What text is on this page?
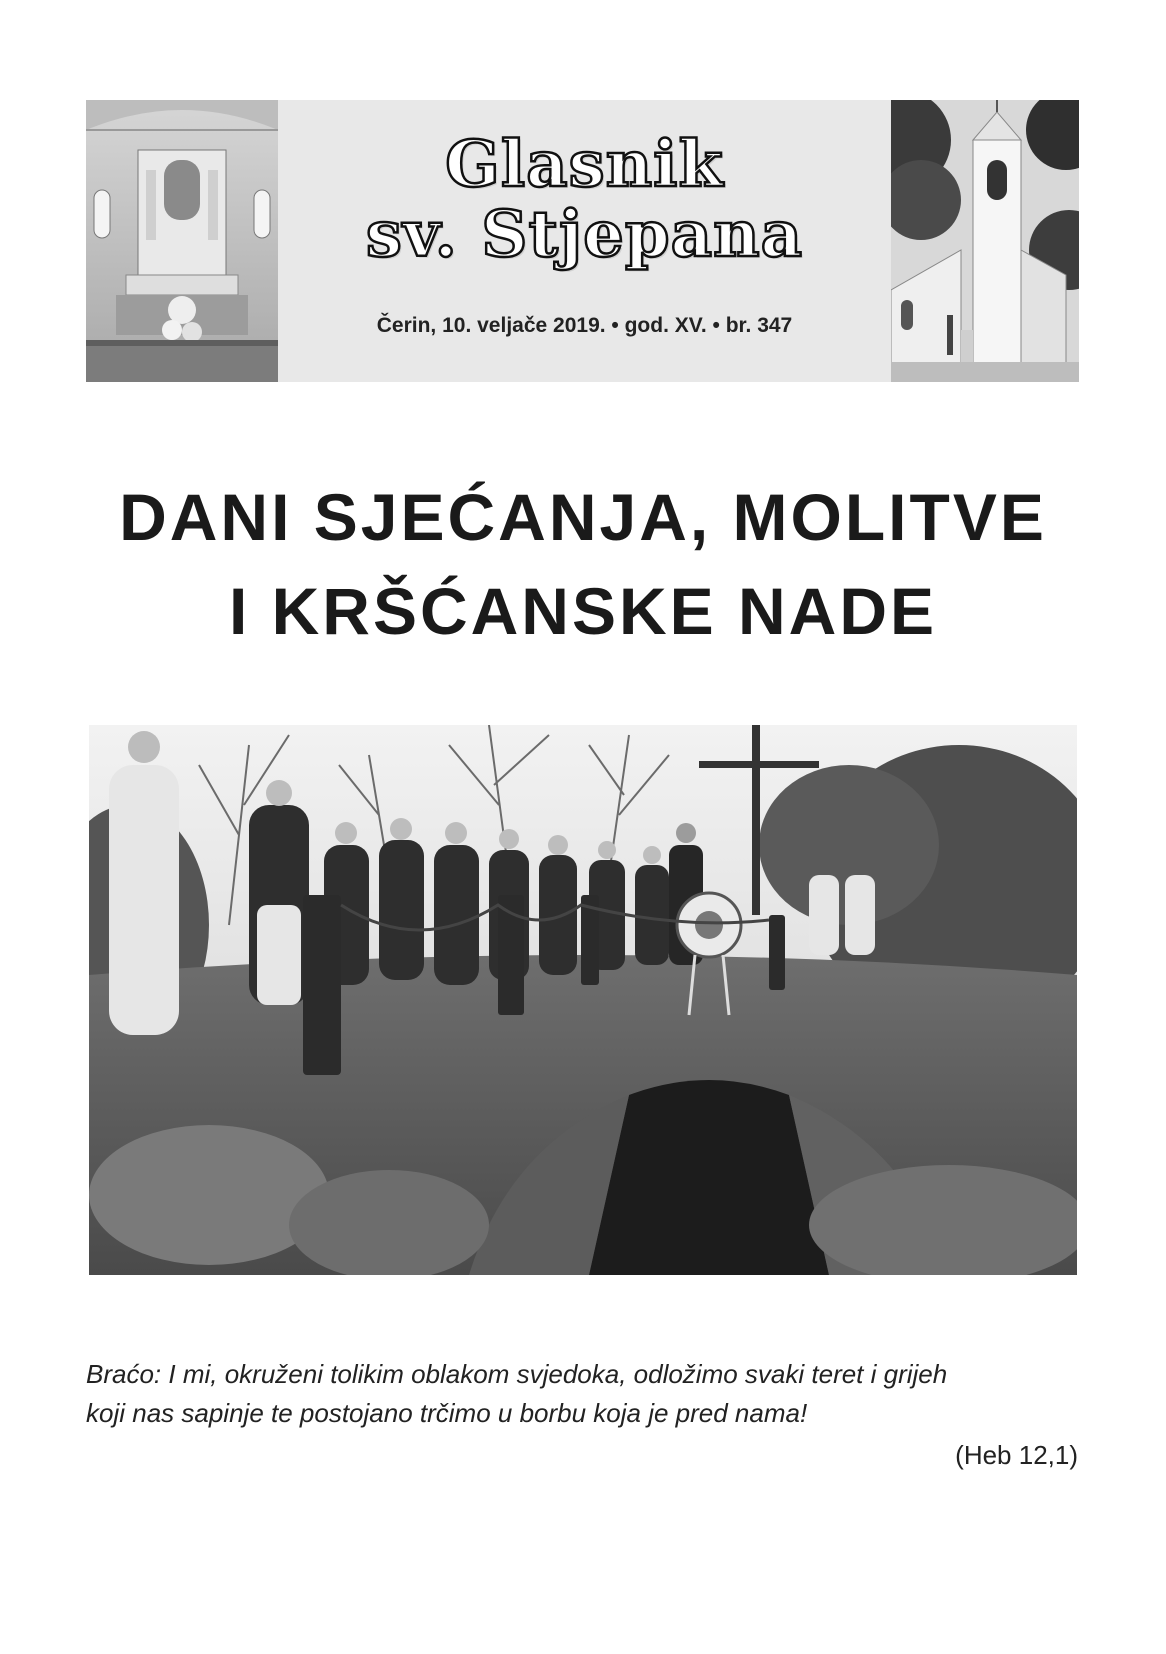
Glasnik
sv. Stjepana
Čerin, 10. veljače 2019. • god. XV. • br. 347
DANI SJEĆANJA, MOLITVE
I KRŠĆANSKE NADE
Braćo: I mi, okruženi tolikim oblakom svjedoka, odložimo svaki teret i grijeh
koji nas sapinje te postojano trčimo u borbu koja je pred nama!
(Heb 12,1)
